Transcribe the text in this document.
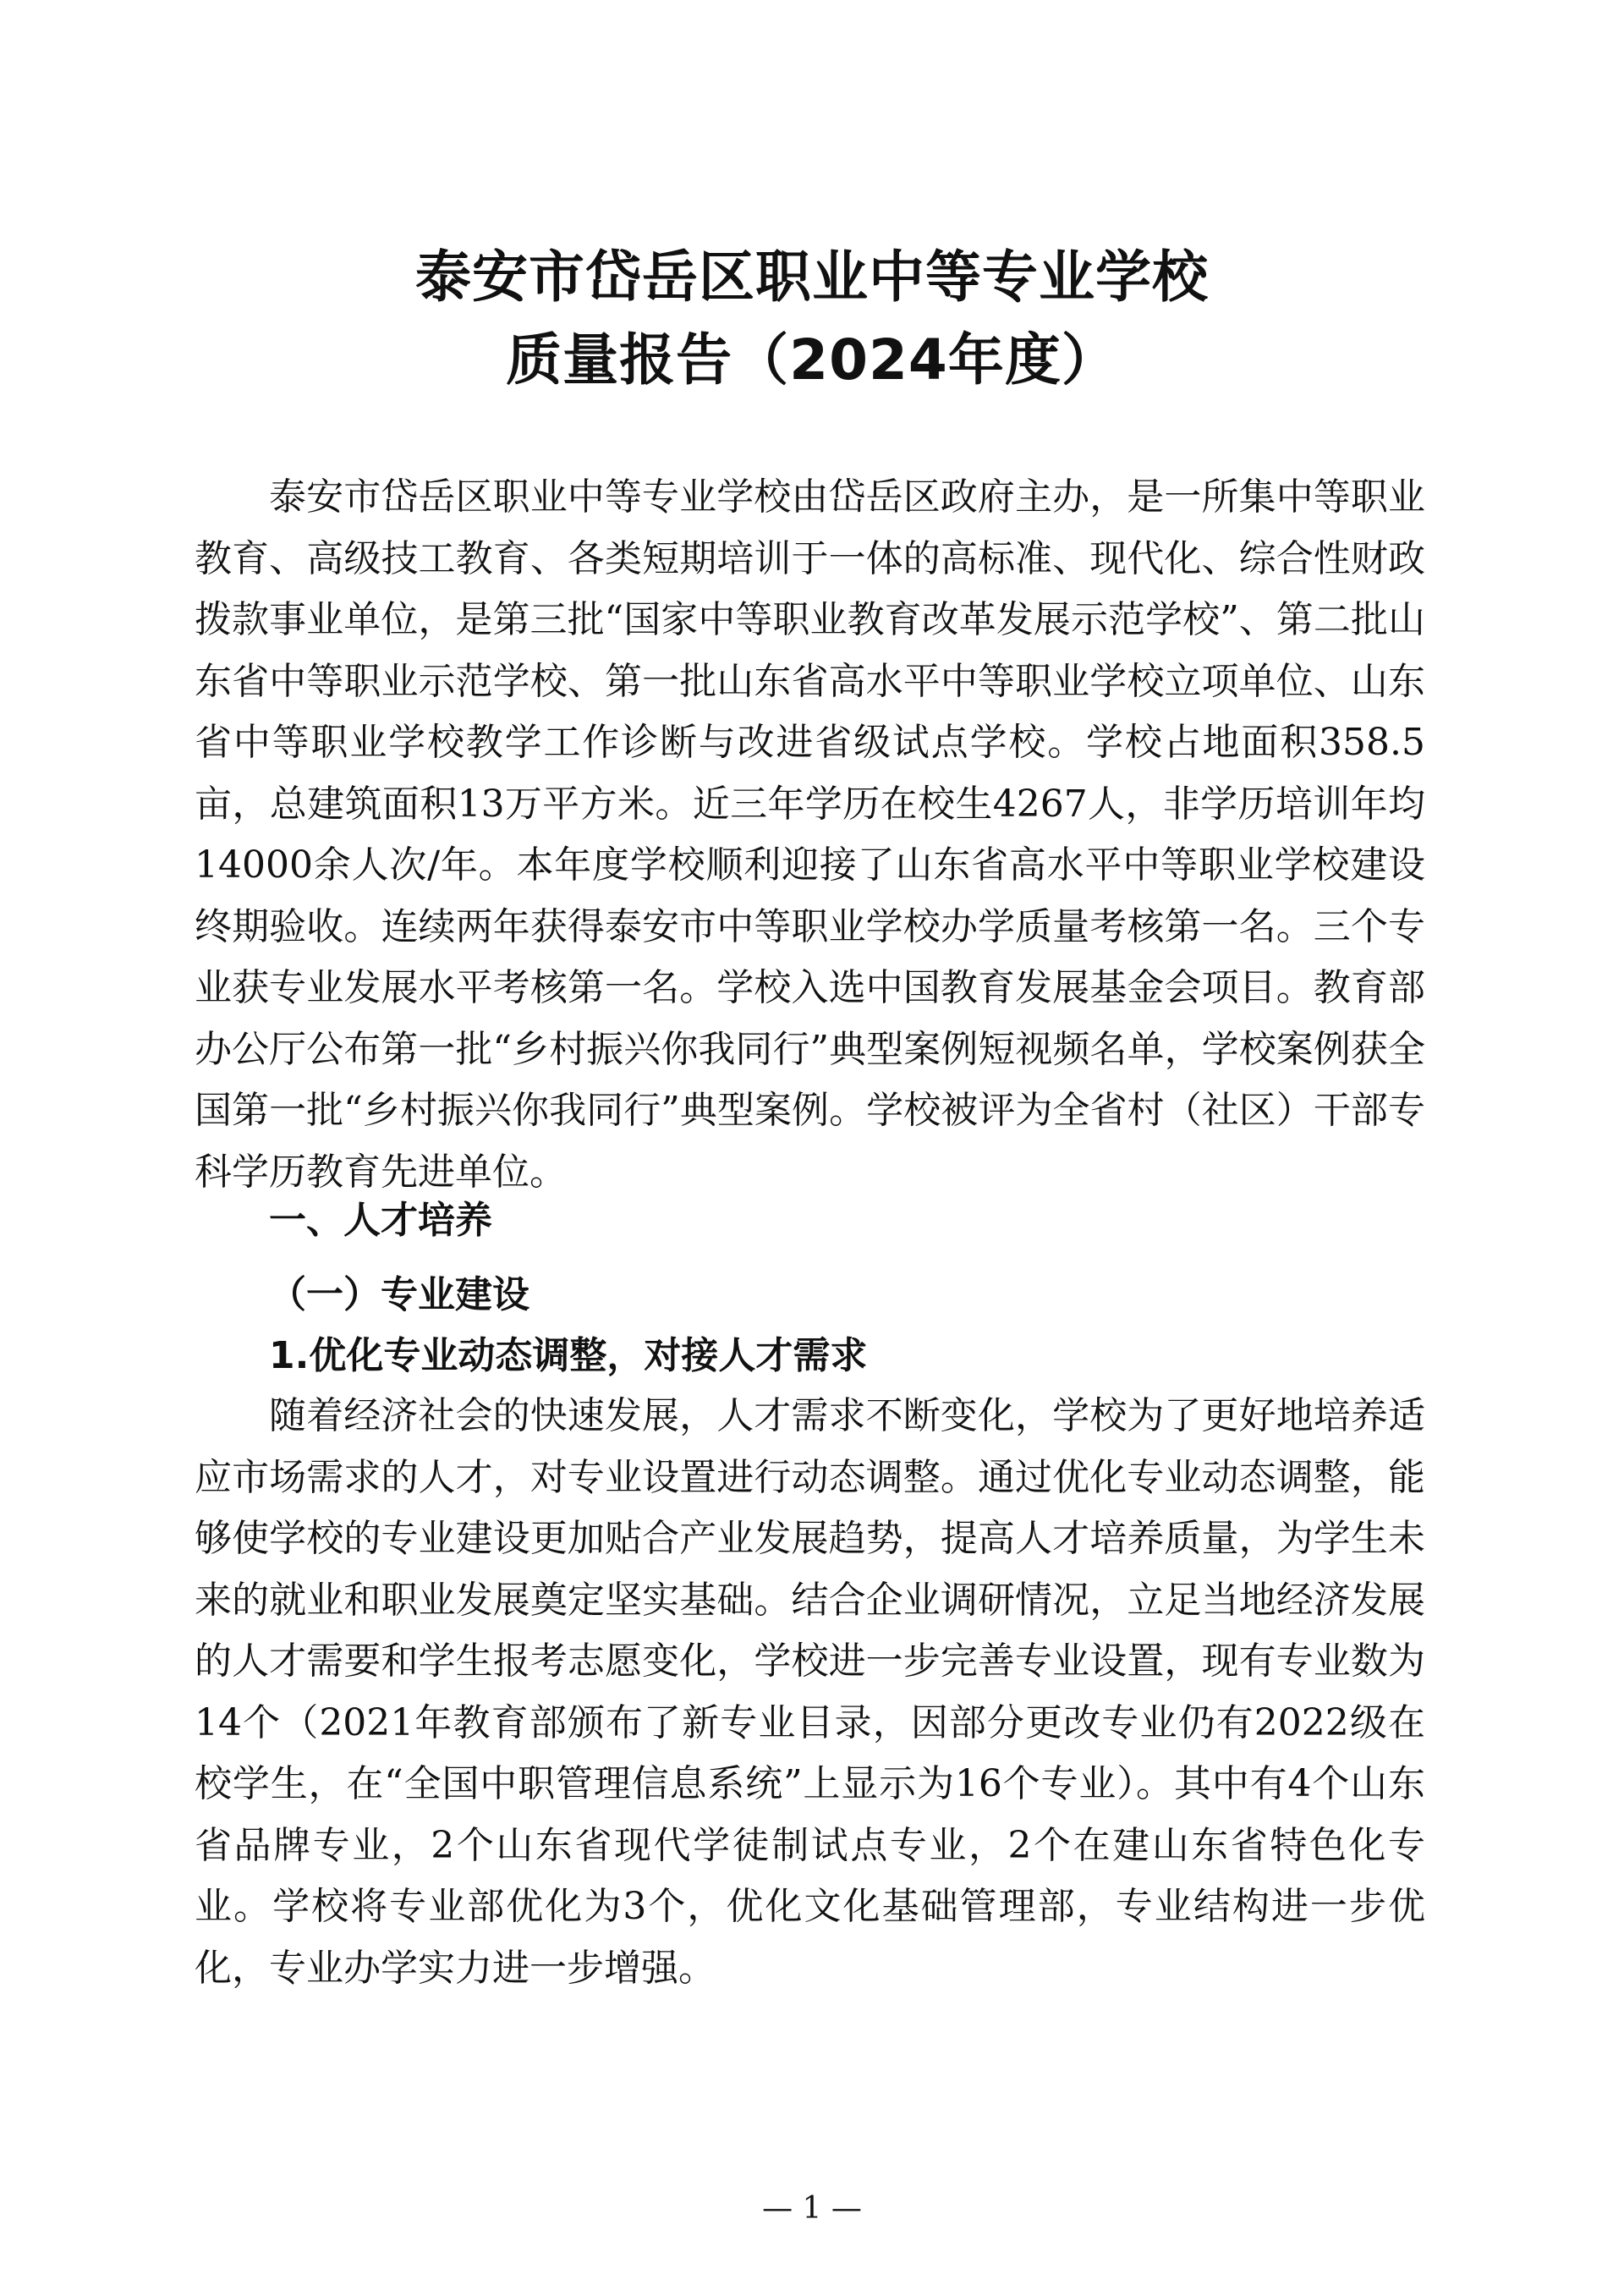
泰安市岱岳区职业中等专业学校
质量报告（2024年度）

泰安市岱岳区职业中等专业学校由岱岳区政府主办，是一所集中等职业教育、高级技工教育、各类短期培训于一体的高标准、现代化、综合性财政拨款事业单位，是第三批“国家中等职业教育改革发展示范学校”、第二批山东省中等职业示范学校、第一批山东省高水平中等职业学校立项单位、山东省中等职业学校教学工作诊断与改进省级试点学校。学校占地面积358.5亩，总建筑面积13万平方米。近三年学历在校生4267人，非学历培训年均14000余人次/年。本年度学校顺利迎接了山东省高水平中等职业学校建设终期验收。连续两年获得泰安市中等职业学校办学质量考核第一名。三个专业获专业发展水平考核第一名。学校入选中国教育发展基金会项目。教育部办公厅公布第一批“乡村振兴你我同行”典型案例短视频名单，学校案例获全国第一批“乡村振兴你我同行”典型案例。学校被评为全省村（社区）干部专科学历教育先进单位。

一、人才培养
（一）专业建设
1.优化专业动态调整，对接人才需求

随着经济社会的快速发展，人才需求不断变化，学校为了更好地培养适应市场需求的人才，对专业设置进行动态调整。通过优化专业动态调整，能够使学校的专业建设更加贴合产业发展趋势，提高人才培养质量，为学生未来的就业和职业发展奠定坚实基础。结合企业调研情况，立足当地经济发展的人才需要和学生报考志愿变化，学校进一步完善专业设置，现有专业数为14个（2021年教育部颁布了新专业目录，因部分更改专业仍有2022级在校学生，在“全国中职管理信息系统”上显示为16个专业）。其中有4个山东省品牌专业，2个山东省现代学徒制试点专业，2个在建山东省特色化专业。学校将专业部优化为3个，优化文化基础管理部，专业结构进一步优化，专业办学实力进一步增强。

— 1 —
